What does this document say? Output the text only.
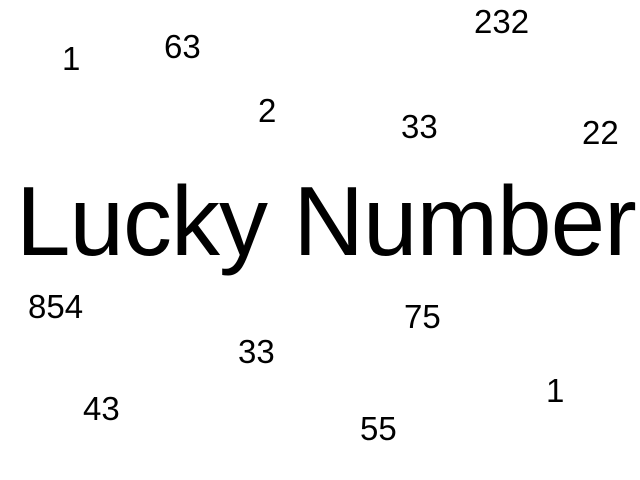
Lucky Number
1	63
232
2	33	22
854	75
33
1
43
55
